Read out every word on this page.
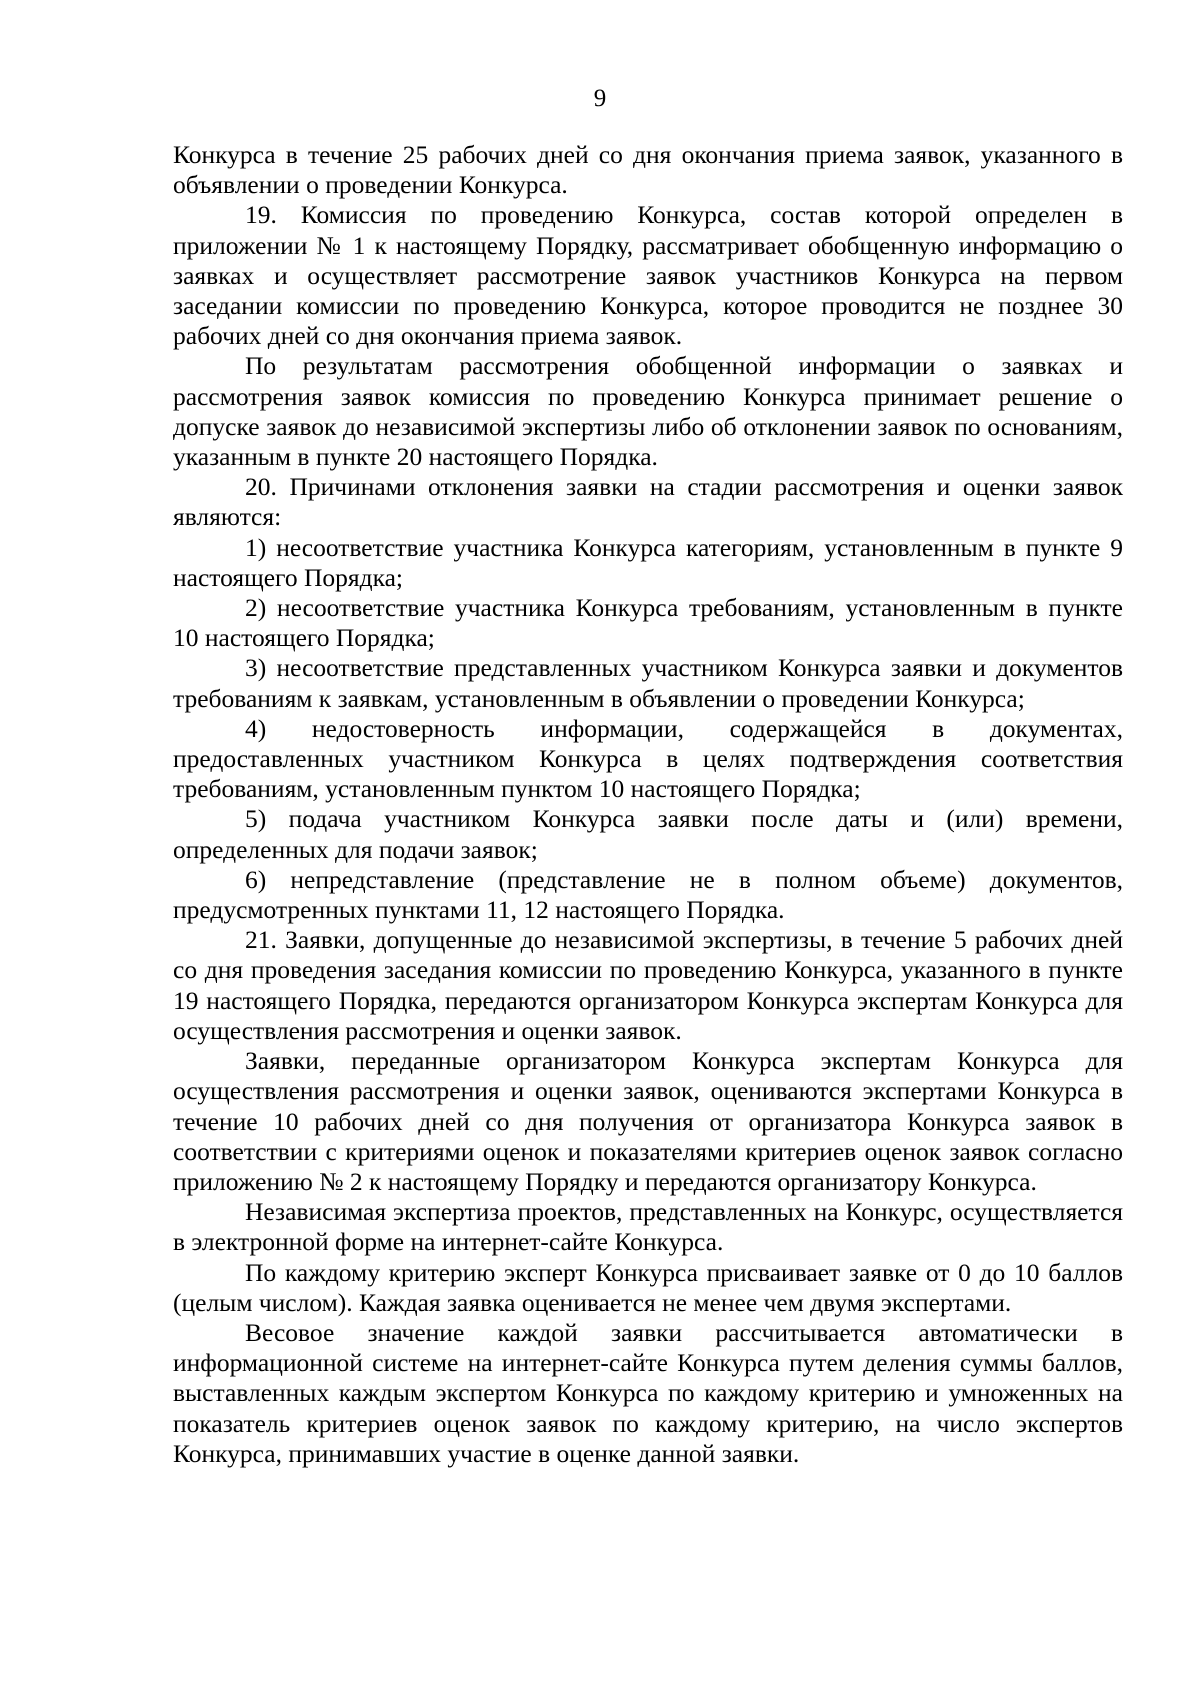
9

Конкурса в течение 25 рабочих дней со дня окончания приема заявок, указанного в объявлении о проведении Конкурса.

19. Комиссия по проведению Конкурса, состав которой определен в приложении № 1 к настоящему Порядку, рассматривает обобщенную информацию о заявках и осуществляет рассмотрение заявок участников Конкурса на первом заседании комиссии по проведению Конкурса, которое проводится не позднее 30 рабочих дней со дня окончания приема заявок.

По результатам рассмотрения обобщенной информации о заявках и рассмотрения заявок комиссия по проведению Конкурса принимает решение о допуске заявок до независимой экспертизы либо об отклонении заявок по основаниям, указанным в пункте 20 настоящего Порядка.

20. Причинами отклонения заявки на стадии рассмотрения и оценки заявок являются:

1) несоответствие участника Конкурса категориям, установленным в пункте 9 настоящего Порядка;

2) несоответствие участника Конкурса требованиям, установленным в пункте 10 настоящего Порядка;

3) несоответствие представленных участником Конкурса заявки и документов требованиям к заявкам, установленным в объявлении о проведении Конкурса;

4) недостоверность информации, содержащейся в документах, предоставленных участником Конкурса в целях подтверждения соответствия требованиям, установленным пунктом 10 настоящего Порядка;

5) подача участником Конкурса заявки после даты и (или) времени, определенных для подачи заявок;

6) непредставление (представление не в полном объеме) документов, предусмотренных пунктами 11, 12 настоящего Порядка.

21. Заявки, допущенные до независимой экспертизы, в течение 5 рабочих дней со дня проведения заседания комиссии по проведению Конкурса, указанного в пункте 19 настоящего Порядка, передаются организатором Конкурса экспертам Конкурса для осуществления рассмотрения и оценки заявок.

Заявки, переданные организатором Конкурса экспертам Конкурса для осуществления рассмотрения и оценки заявок, оцениваются экспертами Конкурса в течение 10 рабочих дней со дня получения от организатора Конкурса заявок в соответствии с критериями оценок и показателями критериев оценок заявок согласно приложению № 2 к настоящему Порядку и передаются организатору Конкурса.

Независимая экспертиза проектов, представленных на Конкурс, осуществляется в электронной форме на интернет-сайте Конкурса.

По каждому критерию эксперт Конкурса присваивает заявке от 0 до 10 баллов (целым числом). Каждая заявка оценивается не менее чем двумя экспертами.

Весовое значение каждой заявки рассчитывается автоматически в информационной системе на интернет-сайте Конкурса путем деления суммы баллов, выставленных каждым экспертом Конкурса по каждому критерию и умноженных на показатель критериев оценок заявок по каждому критерию, на число экспертов Конкурса, принимавших участие в оценке данной заявки.
